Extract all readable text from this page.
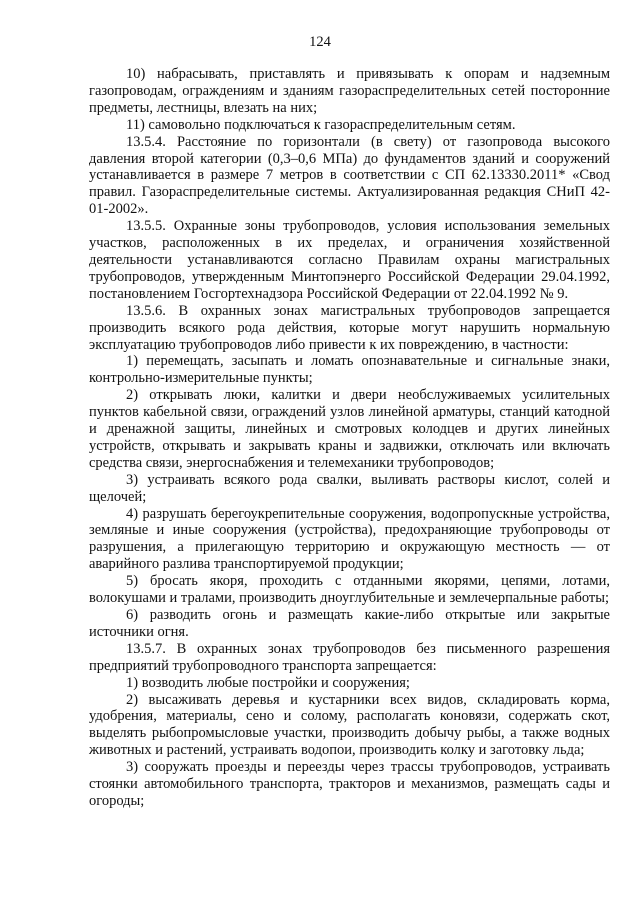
124

10) набрасывать, приставлять и привязывать к опорам и надземным газопроводам, ограждениям и зданиям газораспределительных сетей посторонние предметы, лестницы, влезать на них;

11) самовольно подключаться к газораспределительным сетям.

13.5.4. Расстояние по горизонтали (в свету) от газопровода высокого давления второй категории (0,3–0,6 МПа) до фундаментов зданий и сооружений устанавливается в размере 7 метров в соответствии с СП 62.13330.2011* «Свод правил. Газораспределительные системы. Актуализированная редакция СНиП 42-01-2002».

13.5.5. Охранные зоны трубопроводов, условия использования земельных участков, расположенных в их пределах, и ограничения хозяйственной деятельности устанавливаются согласно Правилам охраны магистральных трубопроводов, утвержденным Минтопэнерго Российской Федерации 29.04.1992, постановлением Госгортехнадзора Российской Федерации от 22.04.1992 № 9.

13.5.6. В охранных зонах магистральных трубопроводов запрещается производить всякого рода действия, которые могут нарушить нормальную эксплуатацию трубопроводов либо привести к их повреждению, в частности:

1) перемещать, засыпать и ломать опознавательные и сигнальные знаки, контрольно-измерительные пункты;

2) открывать люки, калитки и двери необслуживаемых усилительных пунктов кабельной связи, ограждений узлов линейной арматуры, станций катодной и дренажной защиты, линейных и смотровых колодцев и других линейных устройств, открывать и закрывать краны и задвижки, отключать или включать средства связи, энергоснабжения и телемеханики трубопроводов;

3) устраивать всякого рода свалки, выливать растворы кислот, солей и щелочей;

4) разрушать берегоукрепительные сооружения, водопропускные устройства, земляные и иные сооружения (устройства), предохраняющие трубопроводы от разрушения, а прилегающую территорию и окружающую местность — от аварийного разлива транспортируемой продукции;

5) бросать якоря, проходить с отданными якорями, цепями, лотами, волокушами и тралами, производить дноуглубительные и землечерпальные работы;

6) разводить огонь и размещать какие-либо открытые или закрытые источники огня.

13.5.7. В охранных зонах трубопроводов без письменного разрешения предприятий трубопроводного транспорта запрещается:

1) возводить любые постройки и сооружения;

2) высаживать деревья и кустарники всех видов, складировать корма, удобрения, материалы, сено и солому, располагать коновязи, содержать скот, выделять рыбопромысловые участки, производить добычу рыбы, а также водных животных и растений, устраивать водопои, производить колку и заготовку льда;

3) сооружать проезды и переезды через трассы трубопроводов, устраивать стоянки автомобильного транспорта, тракторов и механизмов, размещать сады и огороды;
